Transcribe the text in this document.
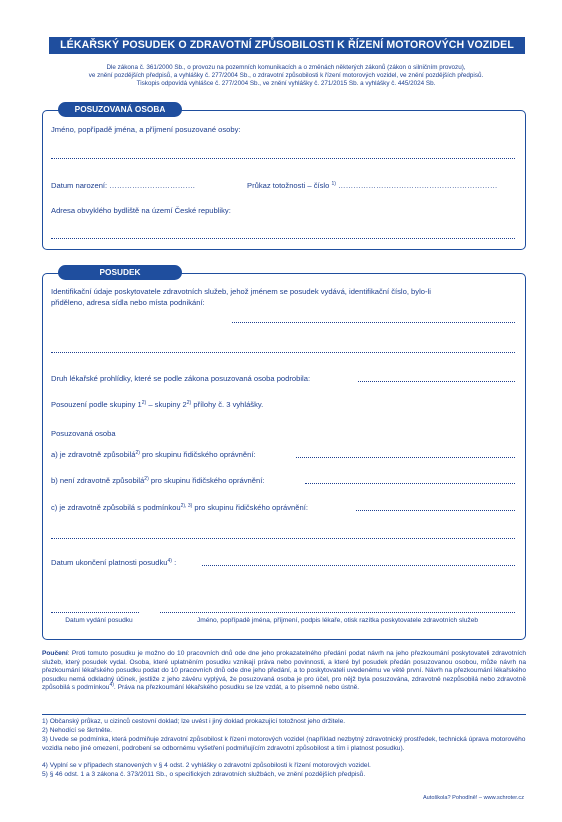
LÉKAŘSKÝ POSUDEK O ZDRAVOTNÍ ZPŮSOBILOSTI K ŘÍZENÍ MOTOROVÝCH VOZIDEL
Dle zákona č. 361/2000 Sb., o provozu na pozemních komunikacích a o změnách některých zákonů (zákon o silničním provozu),
ve znění pozdějších předpisů, a vyhlášky č. 277/2004 Sb., o zdravotní způsobilosti k řízení motorových vozidel, ve znění pozdějších předpisů.
Tiskopis odpovídá vyhlášce č. 277/2004 Sb., ve znění vyhlášky č. 271/2015 Sb. a vyhlášky č. 445/2024 Sb.
POSUZOVANÁ OSOBA
Jméno, popřípadě jména, a příjmení posuzované osoby:
Datum narození: …………………………….	Průkaz totožnosti – číslo $^{1)}$ ………………………………………………………
Adresa obvyklého bydliště na území České republiky:
POSUDEK
Identifikační údaje poskytovatele zdravotních služeb, jehož jménem se posudek vydává, identifikační číslo, bylo-li
přiděleno, adresa sídla nebo místa podnikání:
Druh lékařské prohlídky, které se podle zákona posuzovaná osoba podrobila:
Posouzení podle skupiny 1$^{2)}$ – skupiny 2$^{2)}$ přílohy č. 3 vyhlášky.
Posuzovaná osoba
a) je zdravotně způsobilá$^{2)}$ pro skupinu řidičského oprávnění:
b) není zdravotně způsobilá$^{2)}$ pro skupinu řidičského oprávnění:
c) je zdravotně způsobilá s podmínkou$^{2), 3)}$ pro skupinu řidičského oprávnění:
Datum ukončení platnosti posudku$^{4)}$ :
Datum vydání posudku	Jméno, popřípadě jména, příjmení, podpis lékaře, otisk razítka poskytovatele zdravotních služeb
Poučení: Proti tomuto posudku je možno do 10 pracovních dnů ode dne jeho prokazatelného předání podat návrh na jeho přezkoumání poskytovateli zdravotních služeb, který posudek vydal. Osoba, které uplatněním posudku vznikají práva nebo povinnosti, a které byl posudek předán posuzovanou osobou, může návrh na přezkoumání lékařského posudku podat do 10 pracovních dnů ode dne jeho předání, a to poskytovateli uvedenému ve větě první. Návrh na přezkoumání lékařského posudku nemá odkladný účinek, jestliže z jeho závěru vyplývá, že posuzovaná osoba je pro účel, pro nějž byla posuzována, zdravotně nezpůsobilá nebo zdravotně způsobilá s podmínkou$^{4)}$. Práva na přezkoumání lékařského posudku se lze vzdát, a to písemně nebo ústně.
1) Občanský průkaz, u cizinců cestovní doklad; lze uvést i jiný doklad prokazující totožnost jeho držitele.
2) Nehodící se škrtněte.
3) Uvede se podmínka, která podmiňuje zdravotní způsobilost k řízení motorových vozidel (například nezbytný zdravotnický prostředek, technická úprava motorového vozidla nebo jiné omezení, podrobení se odbornému vyšetření podmiňujícím zdravotní způsobilost a tím i platnost posudku).
4) Vyplní se v případech stanovených v § 4 odst. 2 vyhlášky o zdravotní způsobilosti k řízení motorových vozidel.
5) § 46 odst. 1 a 3 zákona č. 373/2011 Sb., o specifických zdravotních službách, ve znění pozdějších předpisů.
Autoškola? Pohodlně! – www.schroter.cz
